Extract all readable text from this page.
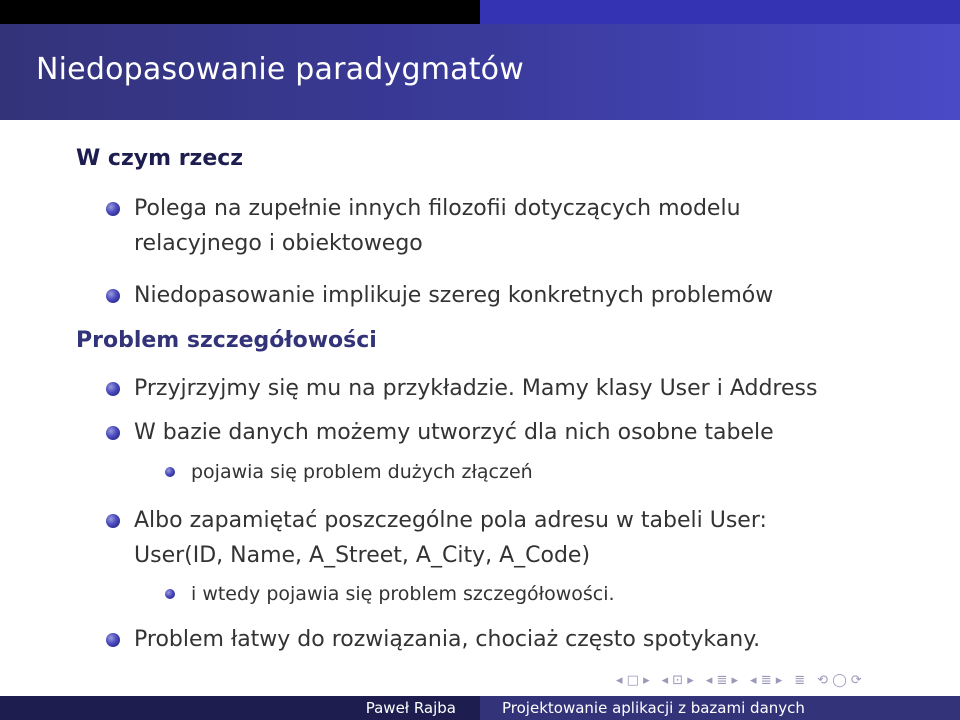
Niedopasowanie paradygmatów
W czym rzecz
Polega na zupełnie innych filozofii dotyczących modelu
relacyjnego i obiektowego
Niedopasowanie implikuje szereg konkretnych problemów
Problem szczegółowości
Przyjrzyjmy się mu na przykładzie. Mamy klasy User i Address
W bazie danych możemy utworzyć dla nich osobne tabele
pojawia się problem dużych złączeń
Albo zapamiętać poszczególne pola adresu w tabeli User:
User(ID, Name, A_Street, A_City, A_Code)
i wtedy pojawia się problem szczegółowości.
Problem łatwy do rozwiązania, chociaż często spotykany.
◂ □ ▸ ◂ ⊡ ▸ ◂ ≣ ▸ ◂ ≣ ▸ ≣ ⟲ ◯ ⟳
Paweł Rajba	Projektowanie aplikacji z bazami danych
